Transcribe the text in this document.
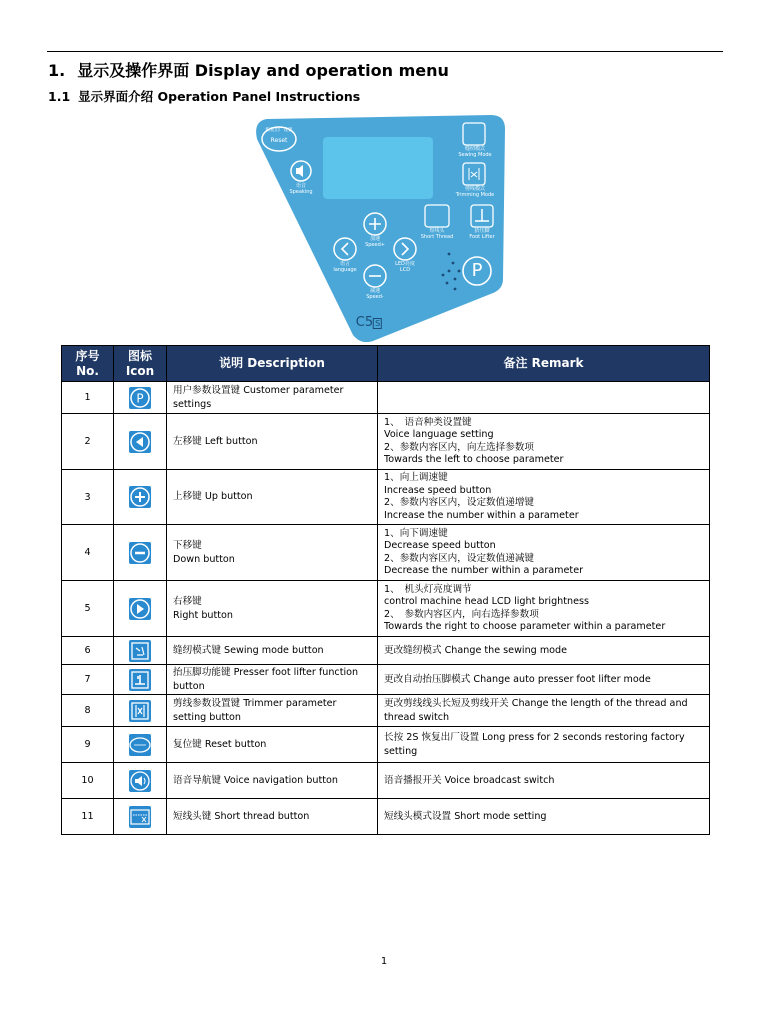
1. 显示及操作界面 Display and operation menu
1.1 显示界面介绍 Operation Panel Instructions
恢复出厂设置
Reset
语音
Speaking
缝纫模式
Sewing Mode
剪线模式
Trimming Mode
短线头
Short Thread
抬压脚
Foot Lifter
加速
Speed+
语言
language
LED亮度
LCD
减速
Speed-
P
C5 S
序号
No.	图标
Icon	说明 Description	备注 Remark
1	P	用户参数设置键 Customer parameter settings	
2		左移键 Left button	1、　语音种类设置键
Voice language setting
2、参数内容区内，向左选择参数项
Towards the left to choose parameter
3		上移键 Up button	1、向上调速键
Increase speed button
2、参数内容区内，设定数值递增键
Increase the number within a parameter
4		下移键
Down button	1、向下调速键
Decrease speed button
2、参数内容区内，设定数值递减键
Decrease the number within a parameter
5		右移键
Right button	1、　机头灯亮度调节
control machine head LCD light brightness
2、　参数内容区内，向右选择参数项
Towards the right to choose parameter within a parameter
6		缝纫模式键 Sewing mode button	更改缝纫模式 Change the sewing mode
7		抬压脚功能键 Presser foot lifter function button	更改自动抬压脚模式 Change auto presser foot lifter mode
8		剪线参数设置键 Trimmer parameter setting button	更改剪线线头长短及剪线开关 Change the length of the thread and thread switch
9		复位键 Reset button	长按 2S 恢复出厂设置 Long press for 2 seconds restoring factory setting
10		语音导航键 Voice navigation button	语音播报开关 Voice broadcast switch
11		短线头键 Short thread button	短线头模式设置 Short mode setting
1
